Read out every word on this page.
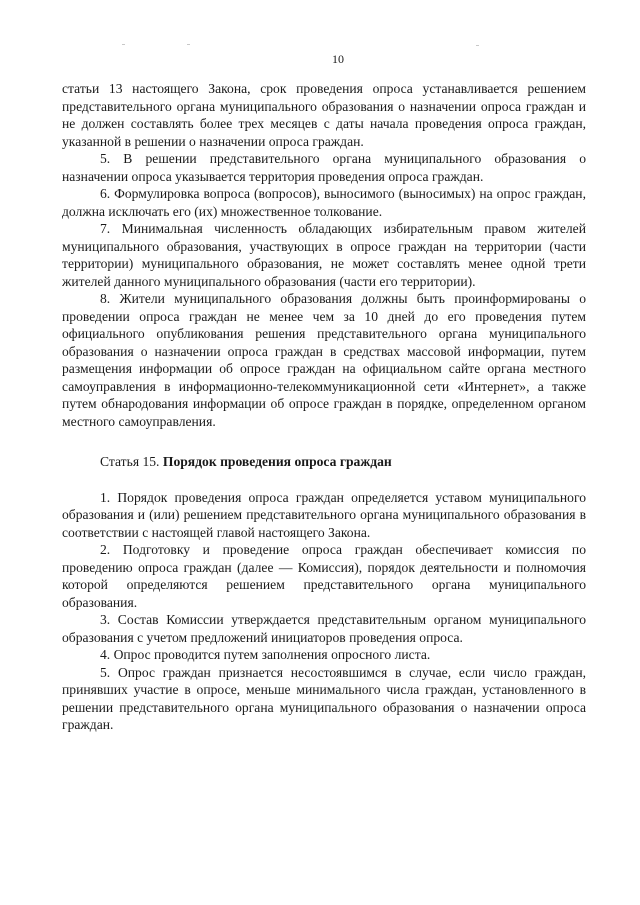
10

статьи 13 настоящего Закона, срок проведения опроса устанавливается решением представительного органа муниципального образования о назначении опроса граждан и не должен составлять более трех месяцев с даты начала проведения опроса граждан, указанной в решении о назначении опроса граждан.

5. В решении представительного органа муниципального образования о назначении опроса указывается территория проведения опроса граждан.

6. Формулировка вопроса (вопросов), выносимого (выносимых) на опрос граждан, должна исключать его (их) множественное толкование.

7. Минимальная численность обладающих избирательным правом жителей муниципального образования, участвующих в опросе граждан на территории (части территории) муниципального образования, не может составлять менее одной трети жителей данного муниципального образования (части его территории).

8. Жители муниципального образования должны быть проинформированы о проведении опроса граждан не менее чем за 10 дней до его проведения путем официального опубликования решения представительного органа муниципального образования о назначении опроса граждан в средствах массовой информации, путем размещения информации об опросе граждан на официальном сайте органа местного самоуправления в информационно-телекоммуникационной сети «Интернет», а также путем обнародования информации об опросе граждан в порядке, определенном органом местного самоуправления.

Статья 15. Порядок проведения опроса граждан

1. Порядок проведения опроса граждан определяется уставом муниципального образования и (или) решением представительного органа муниципального образования в соответствии с настоящей главой настоящего Закона.

2. Подготовку и проведение опроса граждан обеспечивает комиссия по проведению опроса граждан (далее — Комиссия), порядок деятельности и полномочия которой определяются решением представительного органа муниципального образования.

3. Состав Комиссии утверждается представительным органом муниципального образования с учетом предложений инициаторов проведения опроса.

4. Опрос проводится путем заполнения опросного листа.

5. Опрос граждан признается несостоявшимся в случае, если число граждан, принявших участие в опросе, меньше минимального числа граждан, установленного в решении представительного органа муниципального образования о назначении опроса граждан.
